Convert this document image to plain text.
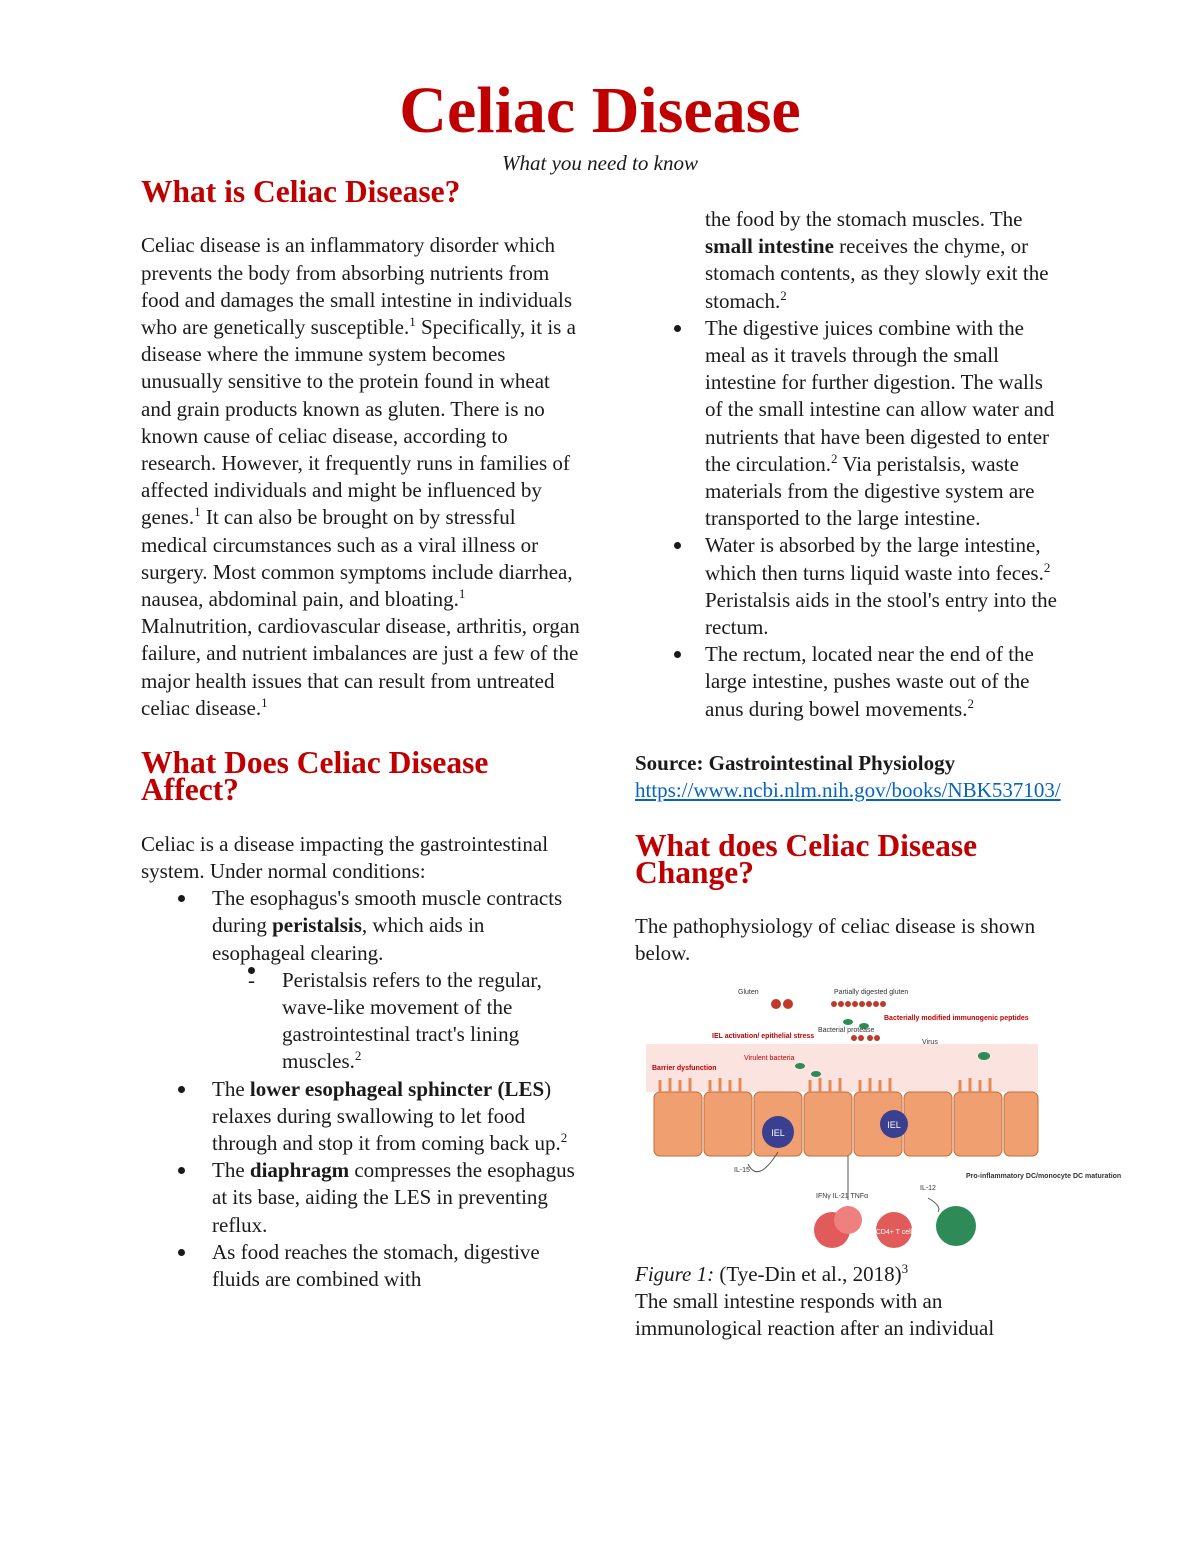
Celiac Disease
What you need to know
What is Celiac Disease?

Celiac disease is an inflammatory disorder which prevents the body from absorbing nutrients from food and damages the small intestine in individuals who are genetically susceptible.$^1$ Specifically, it is a disease where the immune system becomes unusually sensitive to the protein found in wheat and grain products known as gluten. There is no known cause of celiac disease, according to research. However, it frequently runs in families of affected individuals and might be influenced by genes.$^1$ It can also be brought on by stressful medical circumstances such as a viral illness or surgery. Most common symptoms include diarrhea, nausea, abdominal pain, and bloating.$^1$ Malnutrition, cardiovascular disease, arthritis, organ failure, and nutrient imbalances are just a few of the major health issues that can result from untreated celiac disease.$^1$

What Does Celiac Disease Affect?

Celiac is a disease impacting the gastrointestinal system. Under normal conditions:

The esophagus's smooth muscle contracts during peristalsis, which aids in esophageal clearing.
- Peristalsis refers to the regular, wave-like movement of the gastrointestinal tract's lining muscles.$^2$
The lower esophageal sphincter (LES) relaxes during swallowing to let food through and stop it from coming back up.$^2$
The diaphragm compresses the esophagus at its base, aiding the LES in preventing reflux.
As food reaches the stomach, digestive fluids are combined with
the food by the stomach muscles. The small intestine receives the chyme, or stomach contents, as they slowly exit the stomach.$^2$
The digestive juices combine with the meal as it travels through the small intestine for further digestion. The walls of the small intestine can allow water and nutrients that have been digested to enter the circulation.$^2$ Via peristalsis, waste materials from the digestive system are transported to the large intestine.
Water is absorbed by the large intestine, which then turns liquid waste into feces.$^2$ Peristalsis aids in the stool's entry into the rectum.
The rectum, located near the end of the large intestine, pushes waste out of the anus during bowel movements.$^2$

Source: Gastrointestinal Physiology

https://www.ncbi.nlm.nih.gov/books/NBK537103/

What does Celiac Disease Change?

The pathophysiology of celiac disease is shown below.

IEL
IEL
Gluten	Partially digested gluten
Bacterially modified immunogenic peptides
IEL activation/ epithelial stress
Barrier dysfunction
Virulent bacteria
Bacterial protease
Virus
IL-15
IFNγ IL-21 TNFα
IL-12
Pro-inflammatory DC/monocyte DC maturation
CD4+ T cell

Figure 1: (Tye-Din et al., 2018)$^3$

The small intestine responds with an immunological reaction after an individual
